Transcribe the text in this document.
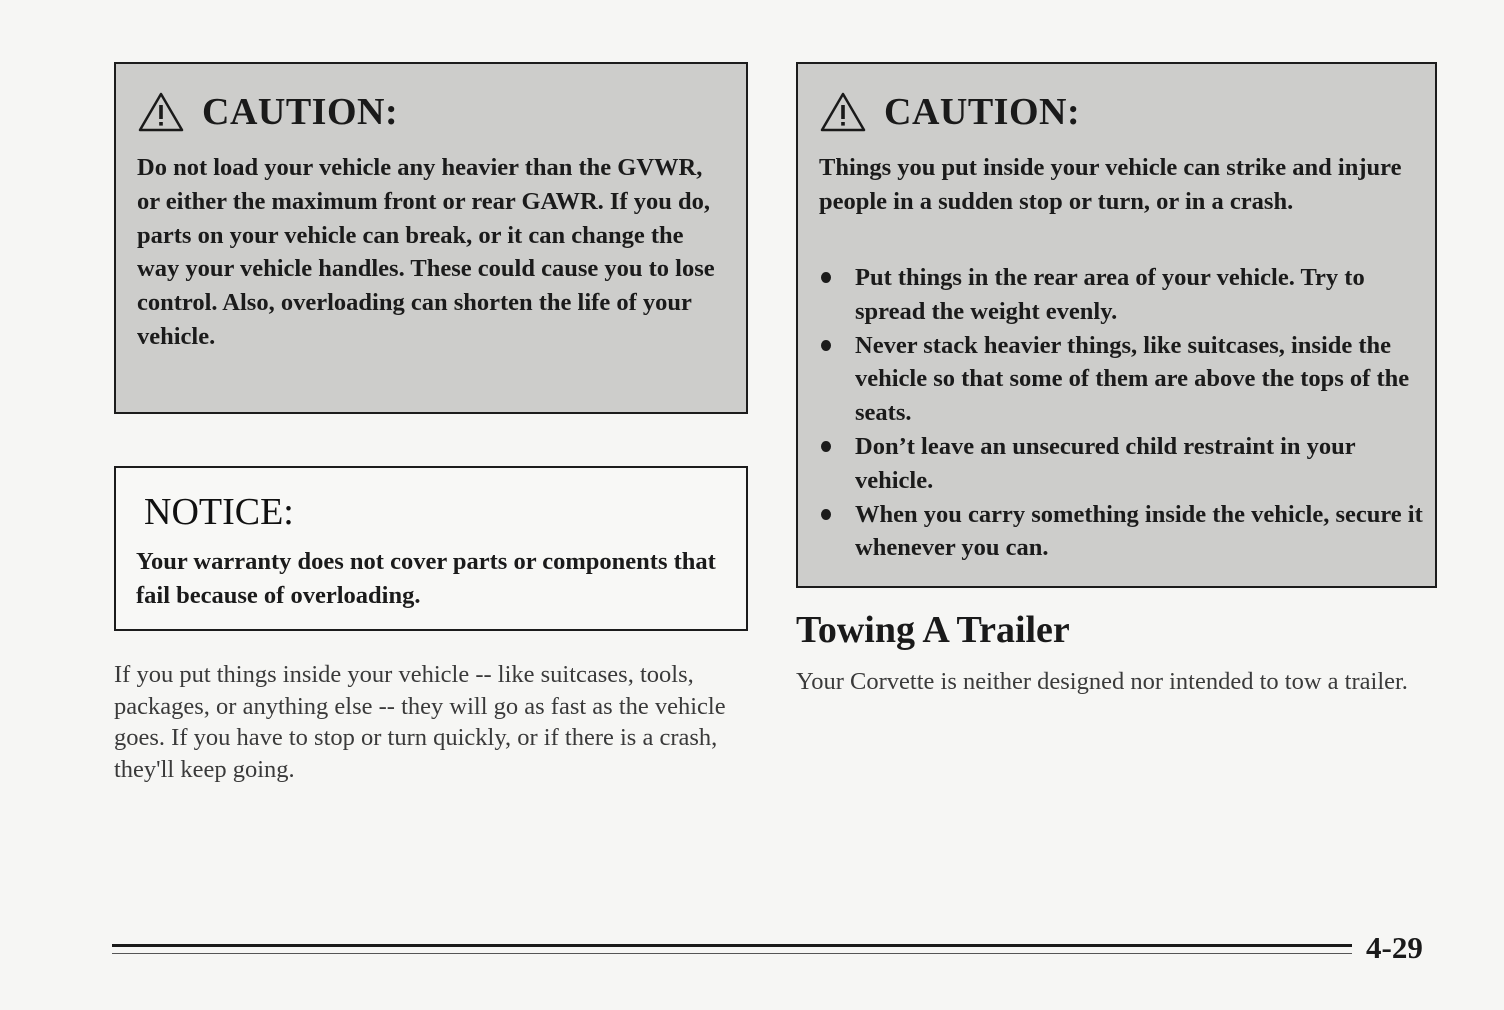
CAUTION:

Do not load your vehicle any heavier than the GVWR, or either the maximum front or rear GAWR. If you do, parts on your vehicle can break, or it can change the way your vehicle handles. These could cause you to lose control. Also, overloading can shorten the life of your vehicle.

NOTICE:

Your warranty does not cover parts or components that fail because of overloading.

If you put things inside your vehicle -- like suitcases, tools, packages, or anything else -- they will go as fast as the vehicle goes. If you have to stop or turn quickly, or if there is a crash, they'll keep going.

CAUTION:

Things you put inside your vehicle can strike and injure people in a sudden stop or turn, or in a crash.

Put things in the rear area of your vehicle. Try to spread the weight evenly.
Never stack heavier things, like suitcases, inside the vehicle so that some of them are above the tops of the seats.
Don’t leave an unsecured child restraint in your vehicle.
When you carry something inside the vehicle, secure it whenever you can.
Towing A Trailer

Your Corvette is neither designed nor intended to tow a trailer.

4-29
